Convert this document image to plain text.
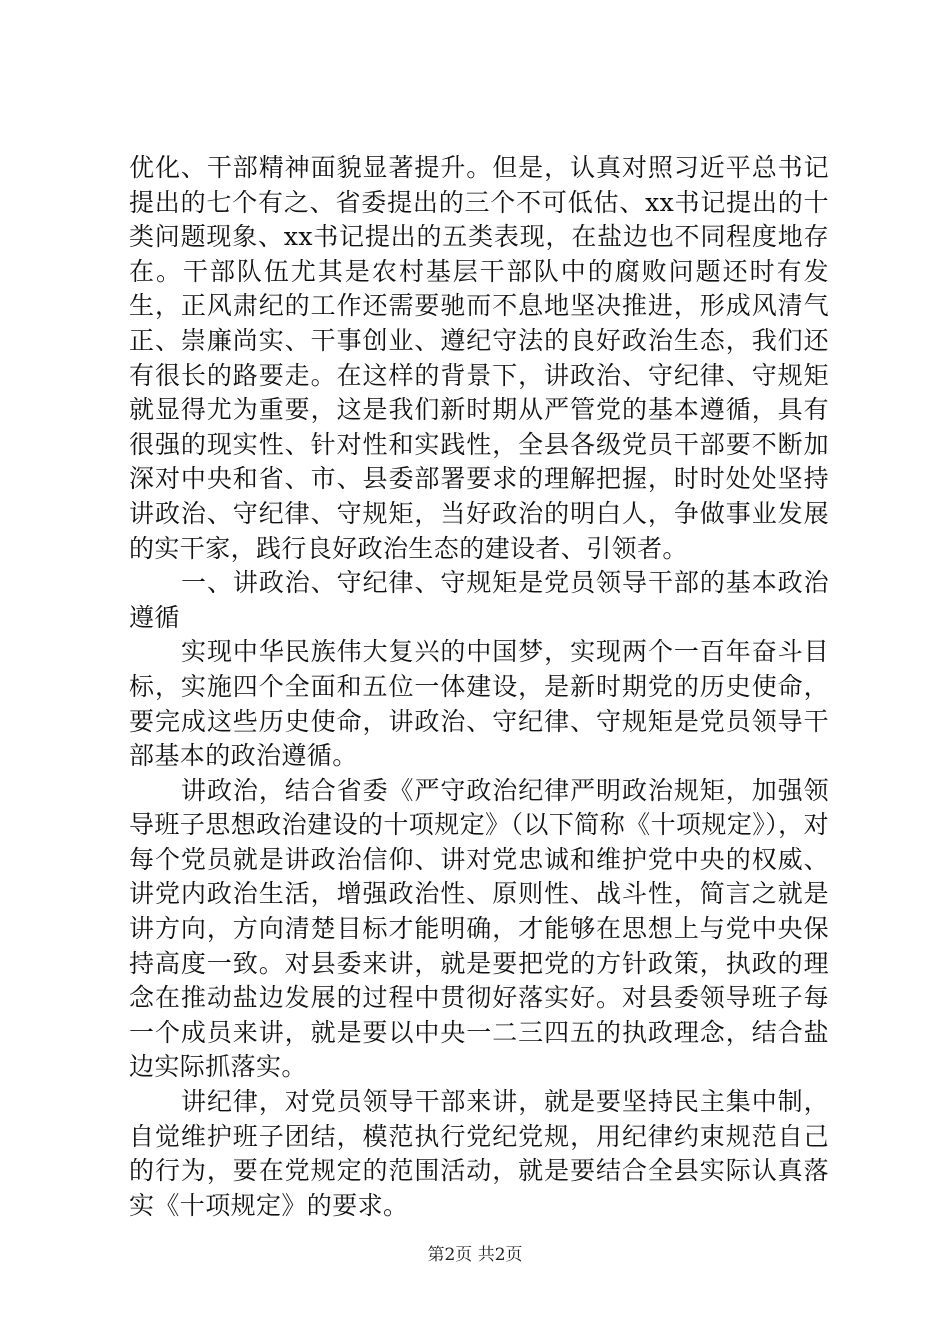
优化、干部精神面貌显著提升。但是，认真对照习近平总书记提出的七个有之、省委提出的三个不可低估、xx书记提出的十类问题现象、xx书记提出的五类表现，在盐边也不同程度地存在。干部队伍尤其是农村基层干部队中的腐败问题还时有发生，正风肃纪的工作还需要驰而不息地坚决推进，形成风清气正、崇廉尚实、干事创业、遵纪守法的良好政治生态，我们还有很长的路要走。在这样的背景下，讲政治、守纪律、守规矩就显得尤为重要，这是我们新时期从严管党的基本遵循，具有很强的现实性、针对性和实践性，全县各级党员干部要不断加深对中央和省、市、县委部署要求的理解把握，时时处处坚持讲政治、守纪律、守规矩，当好政治的明白人，争做事业发展的实干家，践行良好政治生态的建设者、引领者。

一、讲政治、守纪律、守规矩是党员领导干部的基本政治遵循

实现中华民族伟大复兴的中国梦，实现两个一百年奋斗目标，实施四个全面和五位一体建设，是新时期党的历史使命，要完成这些历史使命，讲政治、守纪律、守规矩是党员领导干部基本的政治遵循。

讲政治，结合省委《严守政治纪律严明政治规矩，加强领导班子思想政治建设的十项规定》（以下简称《十项规定》），对每个党员就是讲政治信仰、讲对党忠诚和维护党中央的权威、讲党内政治生活，增强政治性、原则性、战斗性，简言之就是讲方向，方向清楚目标才能明确，才能够在思想上与党中央保持高度一致。对县委来讲，就是要把党的方针政策，执政的理念在推动盐边发展的过程中贯彻好落实好。对县委领导班子每一个成员来讲，就是要以中央一二三四五的执政理念，结合盐边实际抓落实。

讲纪律，对党员领导干部来讲，就是要坚持民主集中制，自觉维护班子团结，模范执行党纪党规，用纪律约束规范自己的行为，要在党规定的范围活动，就是要结合全县实际认真落实《十项规定》的要求。

第2页 共2页
